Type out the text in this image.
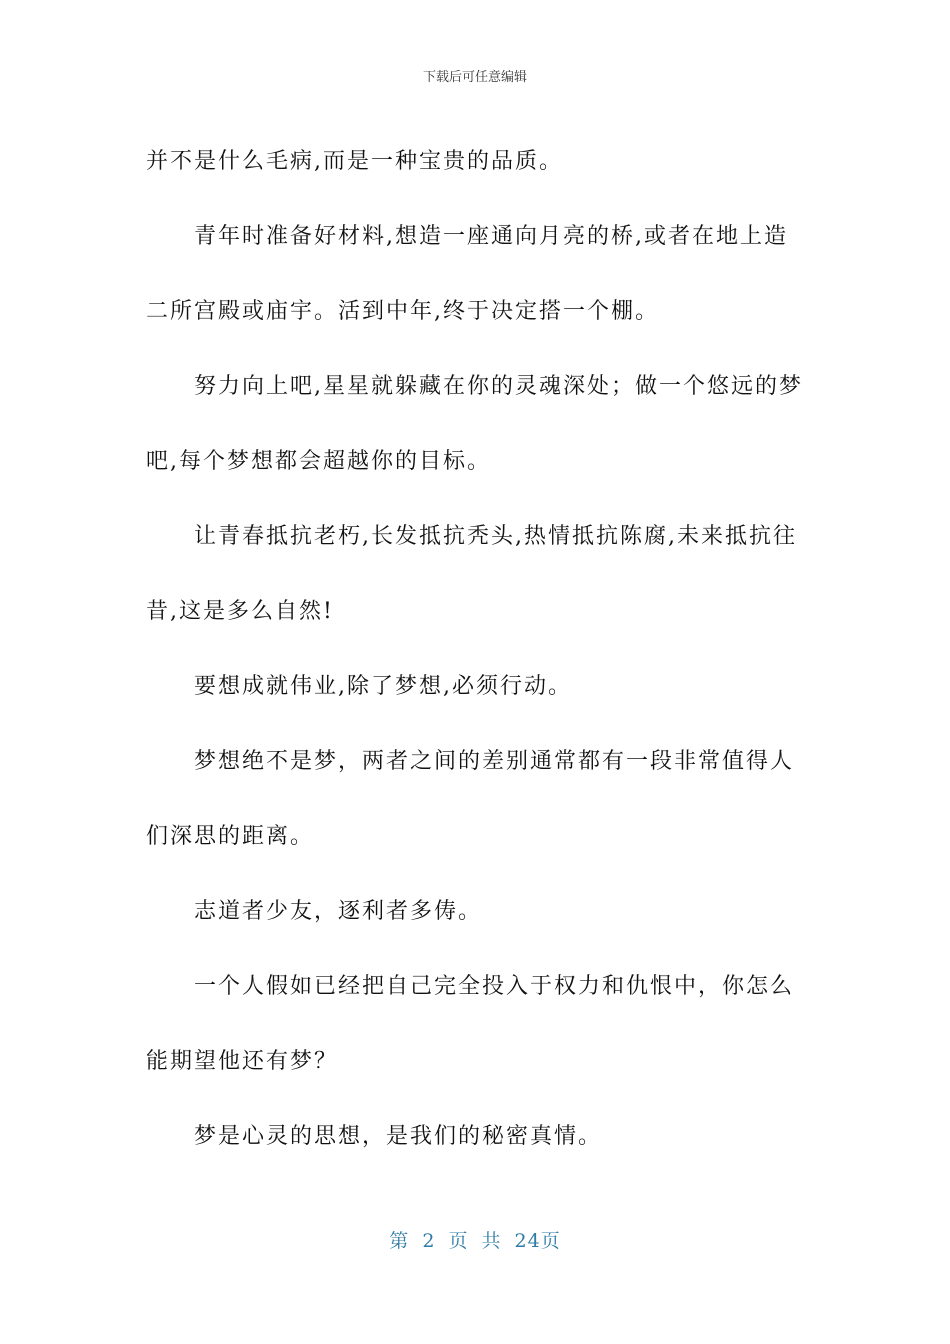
下载后可任意编辑

并不是什么毛病,而是一种宝贵的品质。

青年时准备好材料,想造一座通向月亮的桥,或者在地上造

二所宫殿或庙宇。活到中年,终于决定搭一个棚。

努力向上吧,星星就躲藏在你的灵魂深处；做一个悠远的梦

吧,每个梦想都会超越你的目标。

让青春抵抗老朽,长发抵抗秃头,热情抵抗陈腐,未来抵抗往

昔,这是多么自然!

要想成就伟业,除了梦想,必须行动。

梦想绝不是梦，两者之间的差别通常都有一段非常值得人

们深思的距离。

志道者少友，逐利者多俦。

一个人假如已经把自己完全投入于权力和仇恨中，你怎么

能期望他还有梦？

梦是心灵的思想，是我们的秘密真情。

第 2 页 共 24页
